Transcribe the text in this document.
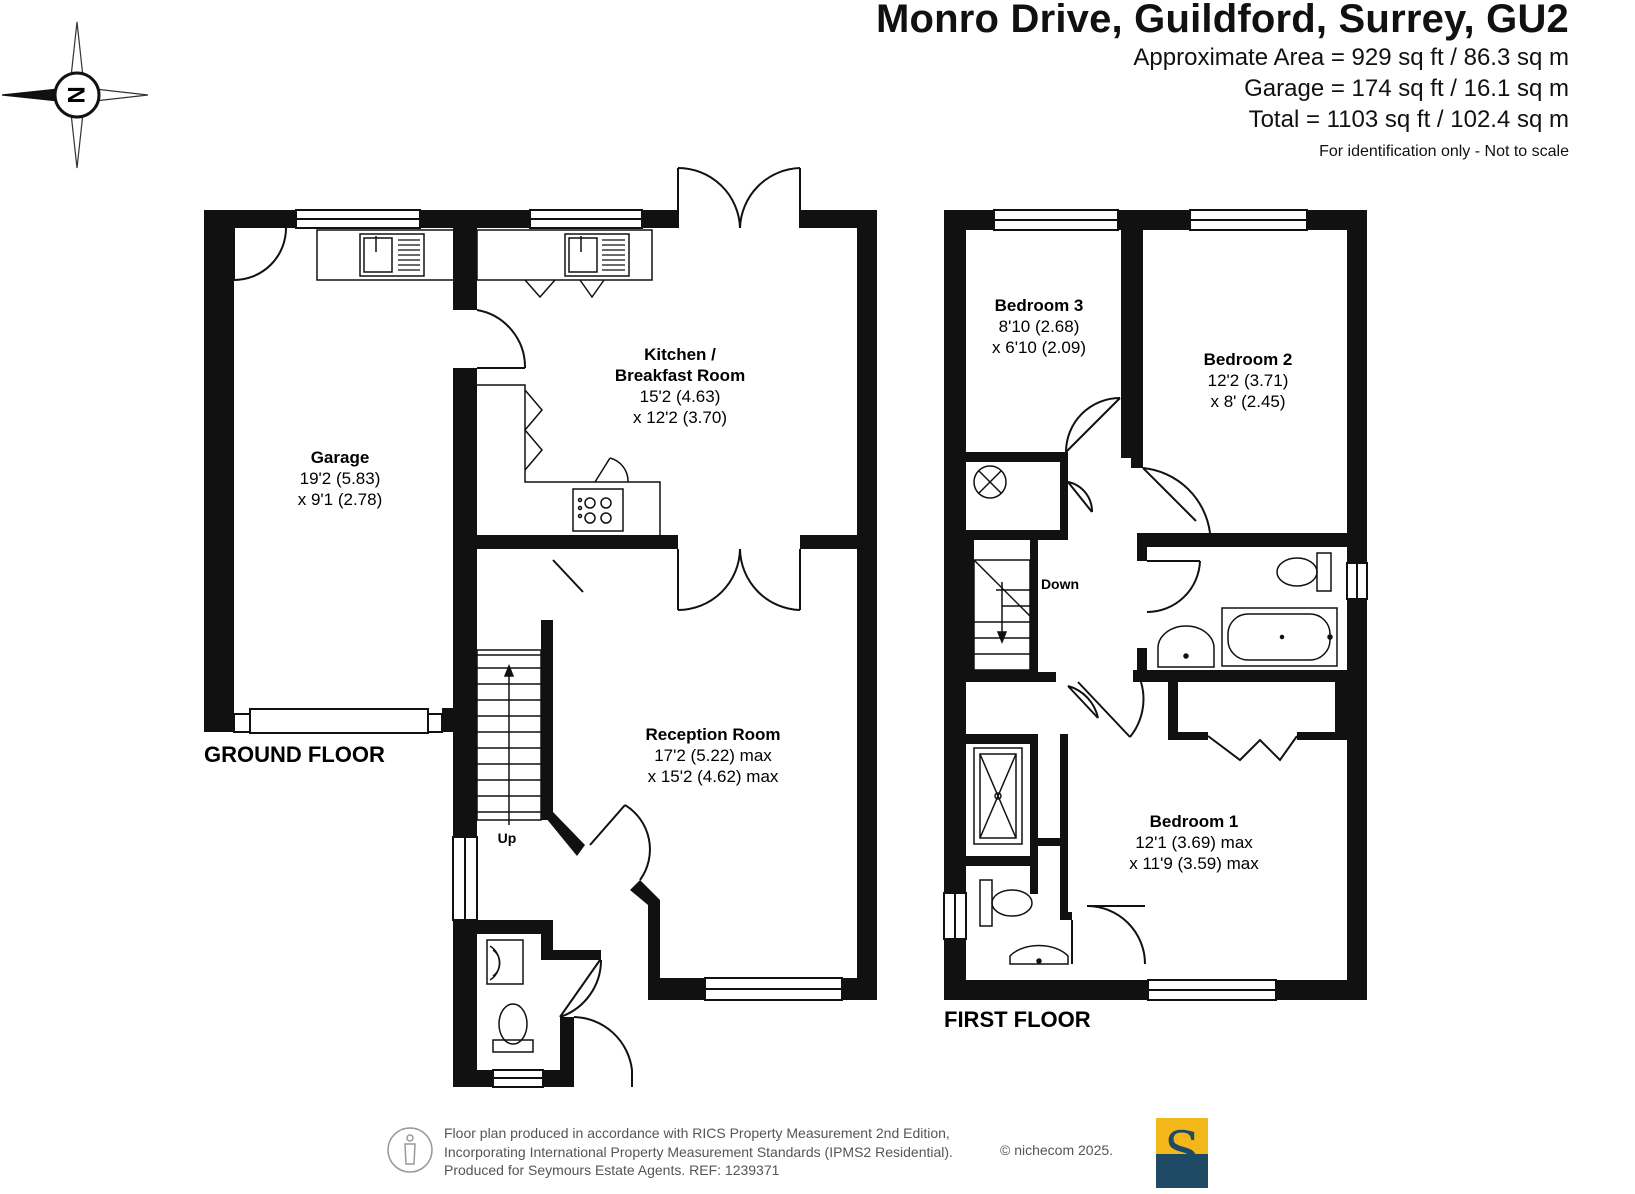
Monro Drive, Guildford, Surrey, GU2
Approximate Area = 929 sq ft / 86.3 sq m
Garage = 174 sq ft / 16.1 sq m
Total = 1103 sq ft / 102.4 sq m
For identification only - Not to scale
N
Garage
19'2 (5.83)
x 9'1 (2.78)
Kitchen /
Breakfast Room
15'2 (4.63)
x 12'2 (3.70)
Reception Room
17'2 (5.22) max
x 15'2 (4.62) max
Up
GROUND FLOOR
Bedroom 3
8'10 (2.68)
x 6'10 (2.09)
Bedroom 2
12'2 (3.71)
x 8' (2.45)
Bedroom 1
12'1 (3.69) max
x 11'9 (3.59) max
Down
FIRST FLOOR
Floor plan produced in accordance with RICS Property Measurement 2nd Edition,
Incorporating International Property Measurement Standards (IPMS2 Residential).
Produced for Seymours Estate Agents. REF: 1239371
© nichecom 2025. S
